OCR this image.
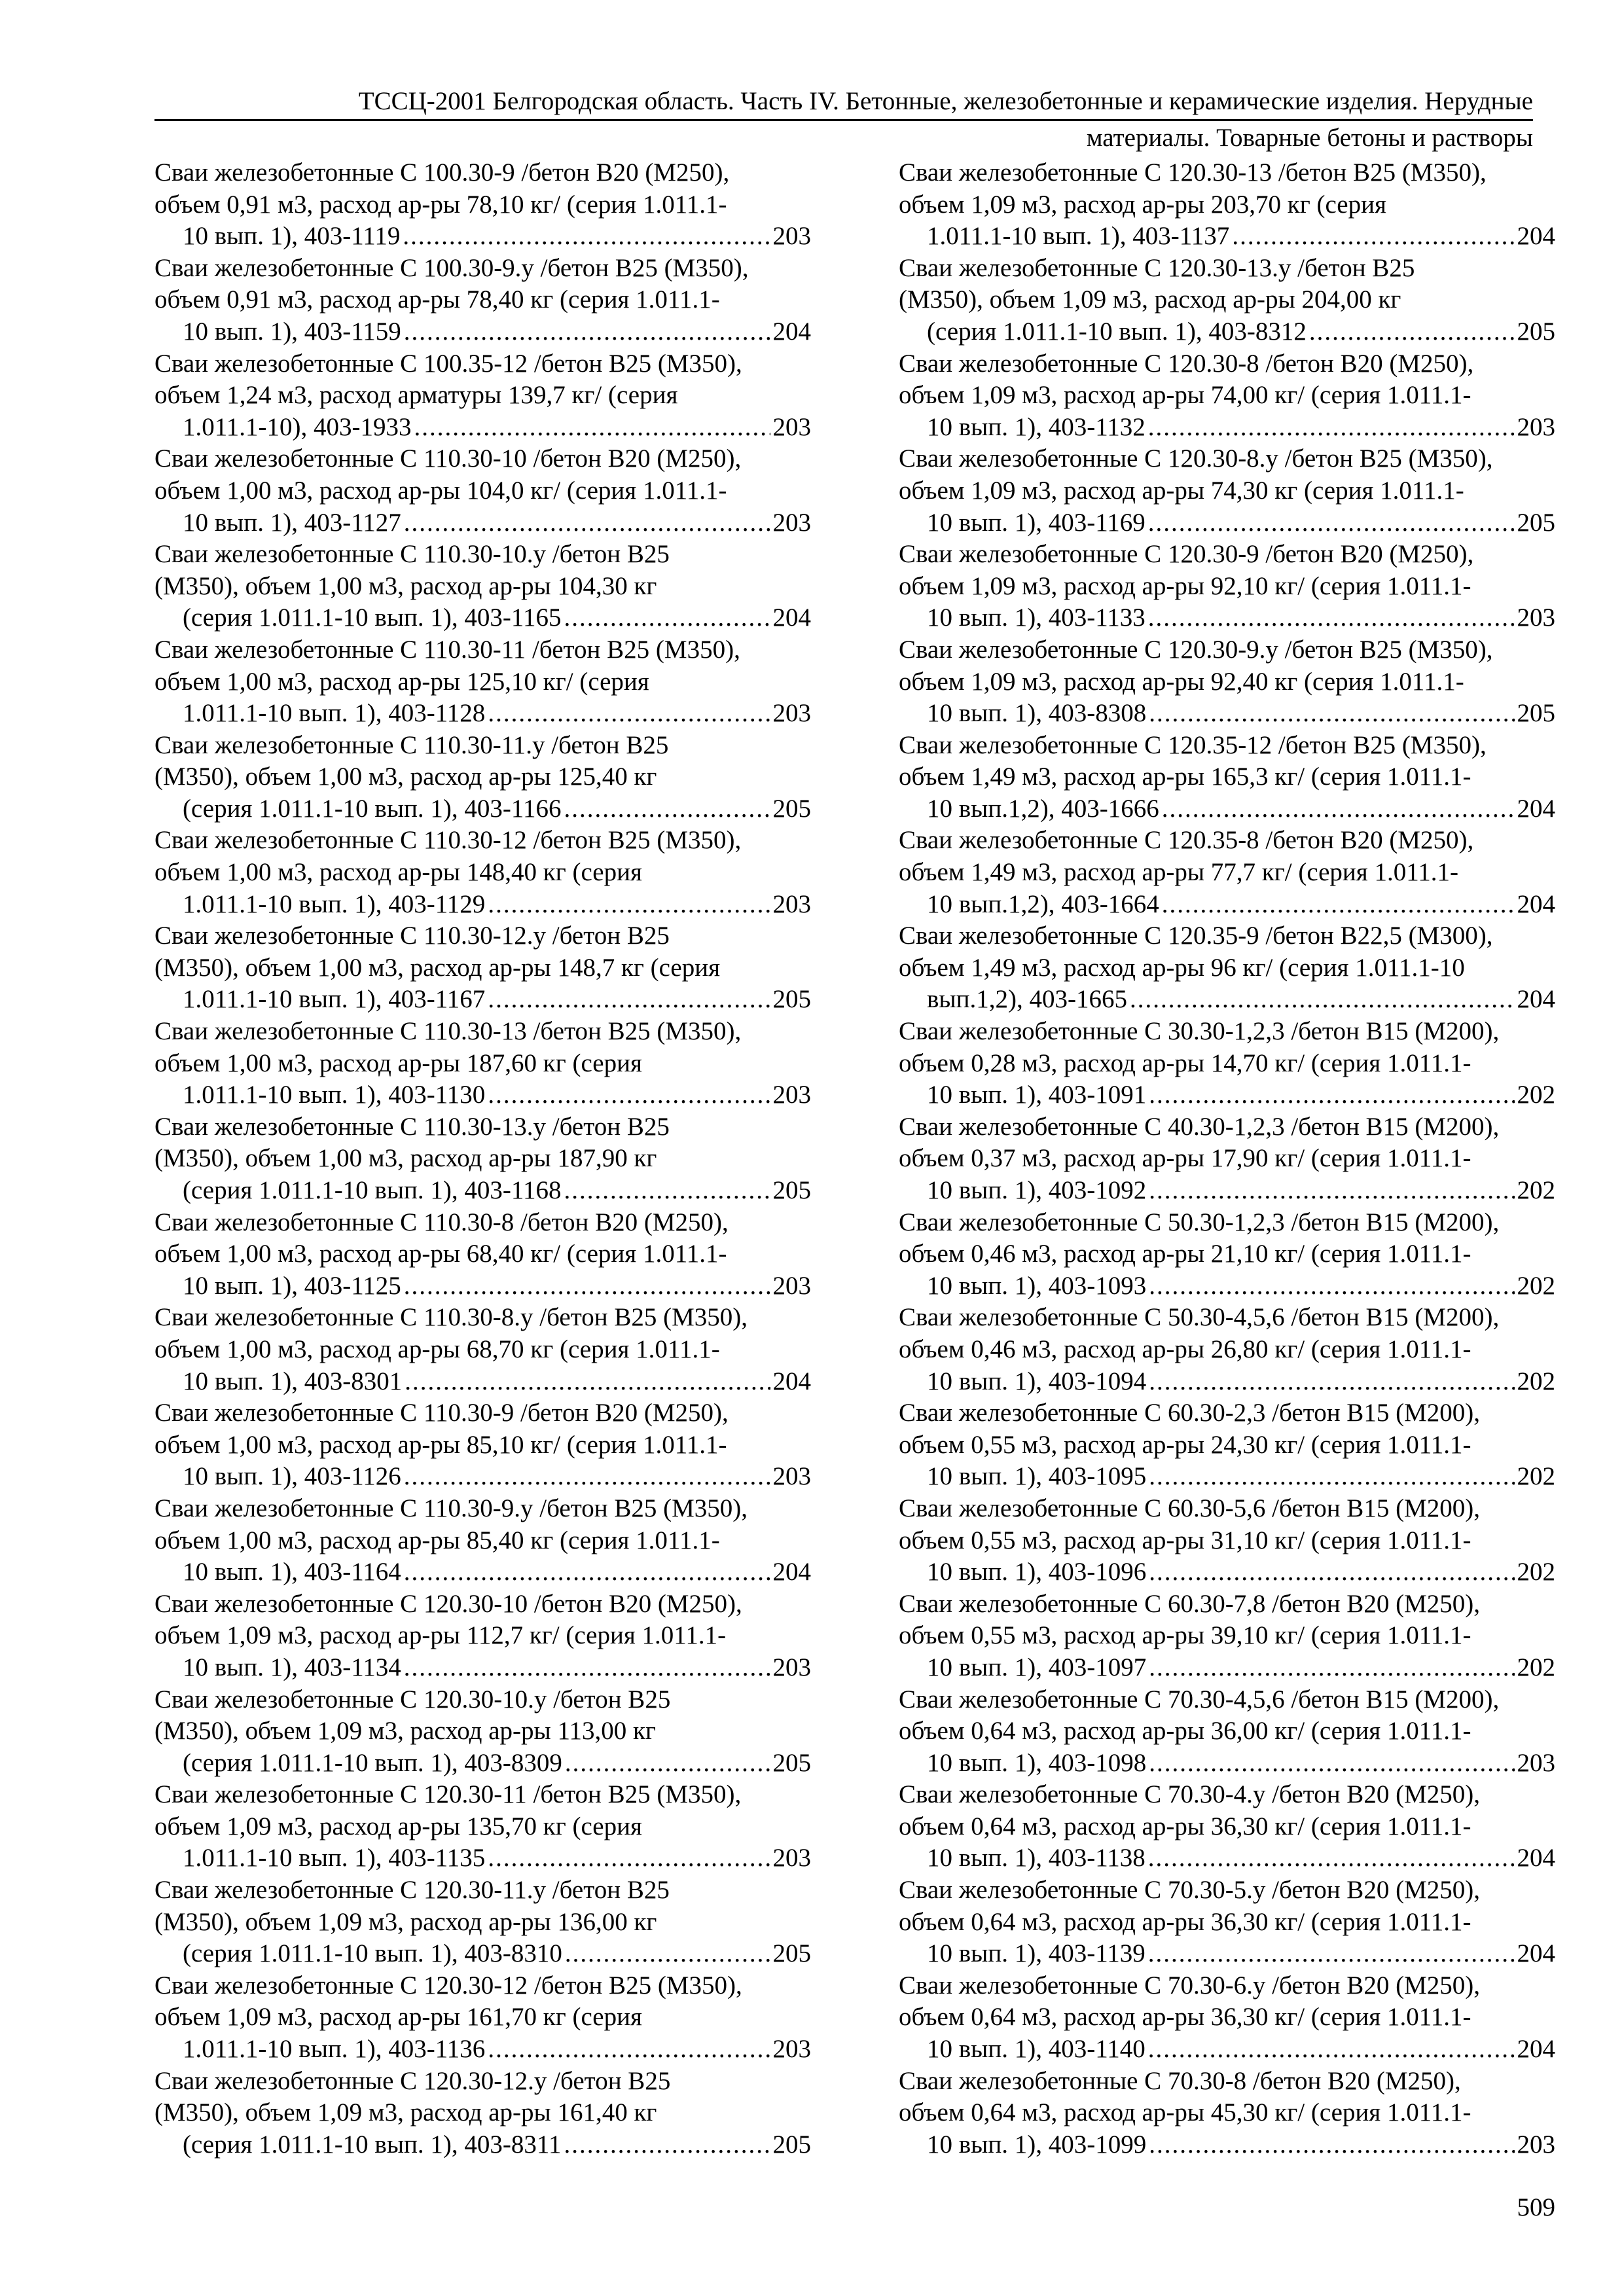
ТССЦ-2001 Белгородская область. Часть IV. Бетонные, железобетонные и керамические изделия. Нерудные
материалы. Товарные бетоны и растворы
Сваи железобетонные С 100.30-9 /бетон В20 (М250),
объем 0,91 м3, расход ар-ры 78,10 кг/ (серия 1.011.1-
10 вып. 1), 403-1119 .....	203
Сваи железобетонные С 100.30-9.у /бетон В25 (М350),
объем 0,91 м3, расход ар-ры 78,40 кг (серия 1.011.1-
10 вып. 1), 403-1159 .....	204
Сваи железобетонные С 100.35-12 /бетон В25 (М350),
объем 1,24 м3, расход арматуры 139,7 кг/ (серия
1.011.1-10), 403-1933 .....	203
Сваи железобетонные С 110.30-10 /бетон В20 (М250),
объем 1,00 м3, расход ар-ры 104,0 кг/ (серия 1.011.1-
10 вып. 1), 403-1127 .....	203
Сваи железобетонные С 110.30-10.у /бетон В25
(М350), объем 1,00 м3, расход ар-ры 104,30 кг
(серия 1.011.1-10 вып. 1), 403-1165 .....	204
Сваи железобетонные С 110.30-11 /бетон В25 (М350),
объем 1,00 м3, расход ар-ры 125,10 кг/ (серия
1.011.1-10 вып. 1), 403-1128 .....	203
Сваи железобетонные С 110.30-11.у /бетон В25
(М350), объем 1,00 м3, расход ар-ры 125,40 кг
(серия 1.011.1-10 вып. 1), 403-1166 .....	205
Сваи железобетонные С 110.30-12 /бетон В25 (М350),
объем 1,00 м3, расход ар-ры 148,40 кг (серия
1.011.1-10 вып. 1), 403-1129 .....	203
Сваи железобетонные С 110.30-12.у /бетон В25
(М350), объем 1,00 м3, расход ар-ры 148,7 кг (серия
1.011.1-10 вып. 1), 403-1167 .....	205
Сваи железобетонные С 110.30-13 /бетон В25 (М350),
объем 1,00 м3, расход ар-ры 187,60 кг (серия
1.011.1-10 вып. 1), 403-1130 .....	203
Сваи железобетонные С 110.30-13.у /бетон В25
(М350), объем 1,00 м3, расход ар-ры 187,90 кг
(серия 1.011.1-10 вып. 1), 403-1168 .....	205
Сваи железобетонные С 110.30-8 /бетон В20 (М250),
объем 1,00 м3, расход ар-ры 68,40 кг/ (серия 1.011.1-
10 вып. 1), 403-1125 .....	203
Сваи железобетонные С 110.30-8.у /бетон В25 (М350),
объем 1,00 м3, расход ар-ры 68,70 кг (серия 1.011.1-
10 вып. 1), 403-8301 .....	204
Сваи железобетонные С 110.30-9 /бетон В20 (М250),
объем 1,00 м3, расход ар-ры 85,10 кг/ (серия 1.011.1-
10 вып. 1), 403-1126 .....	203
Сваи железобетонные С 110.30-9.у /бетон В25 (М350),
объем 1,00 м3, расход ар-ры 85,40 кг (серия 1.011.1-
10 вып. 1), 403-1164 .....	204
Сваи железобетонные С 120.30-10 /бетон В20 (М250),
объем 1,09 м3, расход ар-ры 112,7 кг/ (серия 1.011.1-
10 вып. 1), 403-1134 .....	203
Сваи железобетонные С 120.30-10.у /бетон В25
(М350), объем 1,09 м3, расход ар-ры 113,00 кг
(серия 1.011.1-10 вып. 1), 403-8309 .....	205
Сваи железобетонные С 120.30-11 /бетон В25 (М350),
объем 1,09 м3, расход ар-ры 135,70 кг (серия
1.011.1-10 вып. 1), 403-1135 .....	203
Сваи железобетонные С 120.30-11.у /бетон В25
(М350), объем 1,09 м3, расход ар-ры 136,00 кг
(серия 1.011.1-10 вып. 1), 403-8310 .....	205
Сваи железобетонные С 120.30-12 /бетон В25 (М350),
объем 1,09 м3, расход ар-ры 161,70 кг (серия
1.011.1-10 вып. 1), 403-1136 .....	203
Сваи железобетонные С 120.30-12.у /бетон В25
(М350), объем 1,09 м3, расход ар-ры 161,40 кг
(серия 1.011.1-10 вып. 1), 403-8311 .....	205
Сваи железобетонные С 120.30-13 /бетон В25 (М350),
объем 1,09 м3, расход ар-ры 203,70 кг (серия
1.011.1-10 вып. 1), 403-1137 .....	204
Сваи железобетонные С 120.30-13.у /бетон В25
(М350), объем 1,09 м3, расход ар-ры 204,00 кг
(серия 1.011.1-10 вып. 1), 403-8312 .....	205
Сваи железобетонные С 120.30-8 /бетон В20 (М250),
объем 1,09 м3, расход ар-ры 74,00 кг/ (серия 1.011.1-
10 вып. 1), 403-1132 .....	203
Сваи железобетонные С 120.30-8.у /бетон В25 (М350),
объем 1,09 м3, расход ар-ры 74,30 кг (серия 1.011.1-
10 вып. 1), 403-1169 .....	205
Сваи железобетонные С 120.30-9 /бетон В20 (М250),
объем 1,09 м3, расход ар-ры 92,10 кг/ (серия 1.011.1-
10 вып. 1), 403-1133 .....	203
Сваи железобетонные С 120.30-9.у /бетон В25 (М350),
объем 1,09 м3, расход ар-ры 92,40 кг (серия 1.011.1-
10 вып. 1), 403-8308 .....	205
Сваи железобетонные С 120.35-12 /бетон В25 (М350),
объем 1,49 м3, расход ар-ры 165,3 кг/ (серия 1.011.1-
10 вып.1,2), 403-1666 .....	204
Сваи железобетонные С 120.35-8 /бетон В20 (М250),
объем 1,49 м3, расход ар-ры 77,7 кг/ (серия 1.011.1-
10 вып.1,2), 403-1664 .....	204
Сваи железобетонные С 120.35-9 /бетон В22,5 (М300),
объем 1,49 м3, расход ар-ры 96 кг/ (серия 1.011.1-10
вып.1,2), 403-1665 .....	204
Сваи железобетонные С 30.30-1,2,3 /бетон В15 (М200),
объем 0,28 м3, расход ар-ры 14,70 кг/ (серия 1.011.1-
10 вып. 1), 403-1091 .....	202
Сваи железобетонные С 40.30-1,2,3 /бетон В15 (М200),
объем 0,37 м3, расход ар-ры 17,90 кг/ (серия 1.011.1-
10 вып. 1), 403-1092 .....	202
Сваи железобетонные С 50.30-1,2,3 /бетон В15 (М200),
объем 0,46 м3, расход ар-ры 21,10 кг/ (серия 1.011.1-
10 вып. 1), 403-1093 .....	202
Сваи железобетонные С 50.30-4,5,6 /бетон В15 (М200),
объем 0,46 м3, расход ар-ры 26,80 кг/ (серия 1.011.1-
10 вып. 1), 403-1094 .....	202
Сваи железобетонные С 60.30-2,3 /бетон В15 (М200),
объем 0,55 м3, расход ар-ры 24,30 кг/ (серия 1.011.1-
10 вып. 1), 403-1095 .....	202
Сваи железобетонные С 60.30-5,6 /бетон В15 (М200),
объем 0,55 м3, расход ар-ры 31,10 кг/ (серия 1.011.1-
10 вып. 1), 403-1096 .....	202
Сваи железобетонные С 60.30-7,8 /бетон В20 (М250),
объем 0,55 м3, расход ар-ры 39,10 кг/ (серия 1.011.1-
10 вып. 1), 403-1097 .....	202
Сваи железобетонные С 70.30-4,5,6 /бетон В15 (М200),
объем 0,64 м3, расход ар-ры 36,00 кг/ (серия 1.011.1-
10 вып. 1), 403-1098 .....	203
Сваи железобетонные С 70.30-4.у /бетон В20 (М250),
объем 0,64 м3, расход ар-ры 36,30 кг/ (серия 1.011.1-
10 вып. 1), 403-1138 .....	204
Сваи железобетонные С 70.30-5.у /бетон В20 (М250),
объем 0,64 м3, расход ар-ры 36,30 кг/ (серия 1.011.1-
10 вып. 1), 403-1139 .....	204
Сваи железобетонные С 70.30-6.у /бетон В20 (М250),
объем 0,64 м3, расход ар-ры 36,30 кг/ (серия 1.011.1-
10 вып. 1), 403-1140 .....	204
Сваи железобетонные С 70.30-8 /бетон В20 (М250),
объем 0,64 м3, расход ар-ры 45,30 кг/ (серия 1.011.1-
10 вып. 1), 403-1099 .....	203
509
